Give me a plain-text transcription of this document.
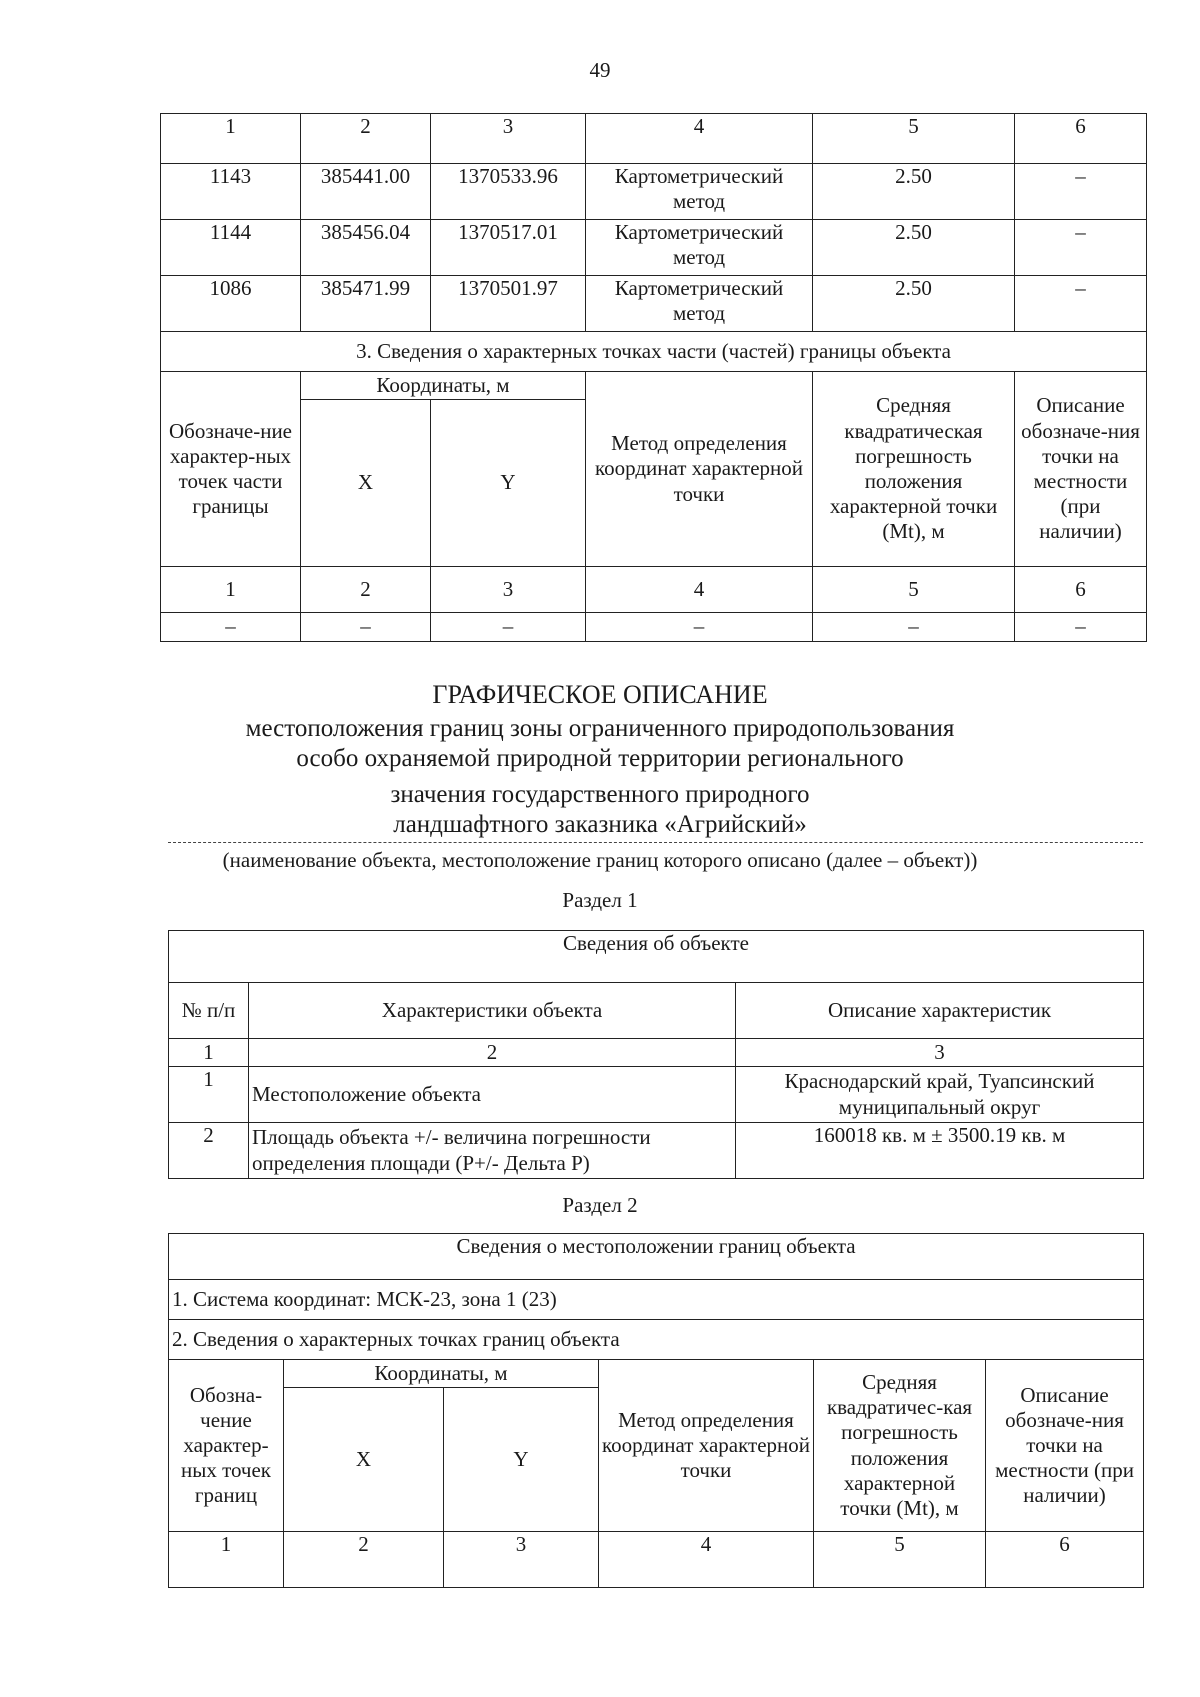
49
1	2	3	4	5	6
1143	385441.00	1370533.96	Картометрический метод	2.50	–
1144	385456.04	1370517.01	Картометрический метод	2.50	–
1086	385471.99	1370501.97	Картометрический метод	2.50	–
3. Сведения о характерных точках части (частей) границы объекта					
Обозначе-ние характер-ных точек части границы	Координаты, м		Метод определения координат характерной точки	Средняя квадратическая погрешность положения характерной точки (Mt), м	Описание обозначе-ния точки на местности (при наличии)
	X	Y			
1	2	3	4	5	6
–	–	–	–	–	–
ГРАФИЧЕСКОЕ ОПИСАНИЕ
местоположения границ зоны ограниченного природопользования
особо охраняемой природной территории регионального
значения государственного природного
ландшафтного заказника «Агрийский»
(наименование объекта, местоположение границ которого описано (далее – объект))
Раздел 1
Сведения об объекте		
№ п/п	Характеристики объекта	Описание характеристик
1	2	3
1	Местоположение объекта	Краснодарский край, Туапсинский муниципальный округ
2	Площадь объекта +/- величина погрешности определения площади (P+/- Дельта P)	160018 кв. м ± 3500.19 кв. м
Раздел 2
Сведения о местоположении границ объекта					
1. Система координат: МСК-23, зона 1 (23)					
2. Сведения о характерных точках границ объекта					
Обозна-чение характер-ных точек границ	Координаты, м		Метод определения координат характерной точки	Средняя квадратичес-кая погрешность положения характерной точки (Mt), м	Описание обозначе-ния точки на местности (при наличии)
	X	Y			
1	2	3	4	5	6
